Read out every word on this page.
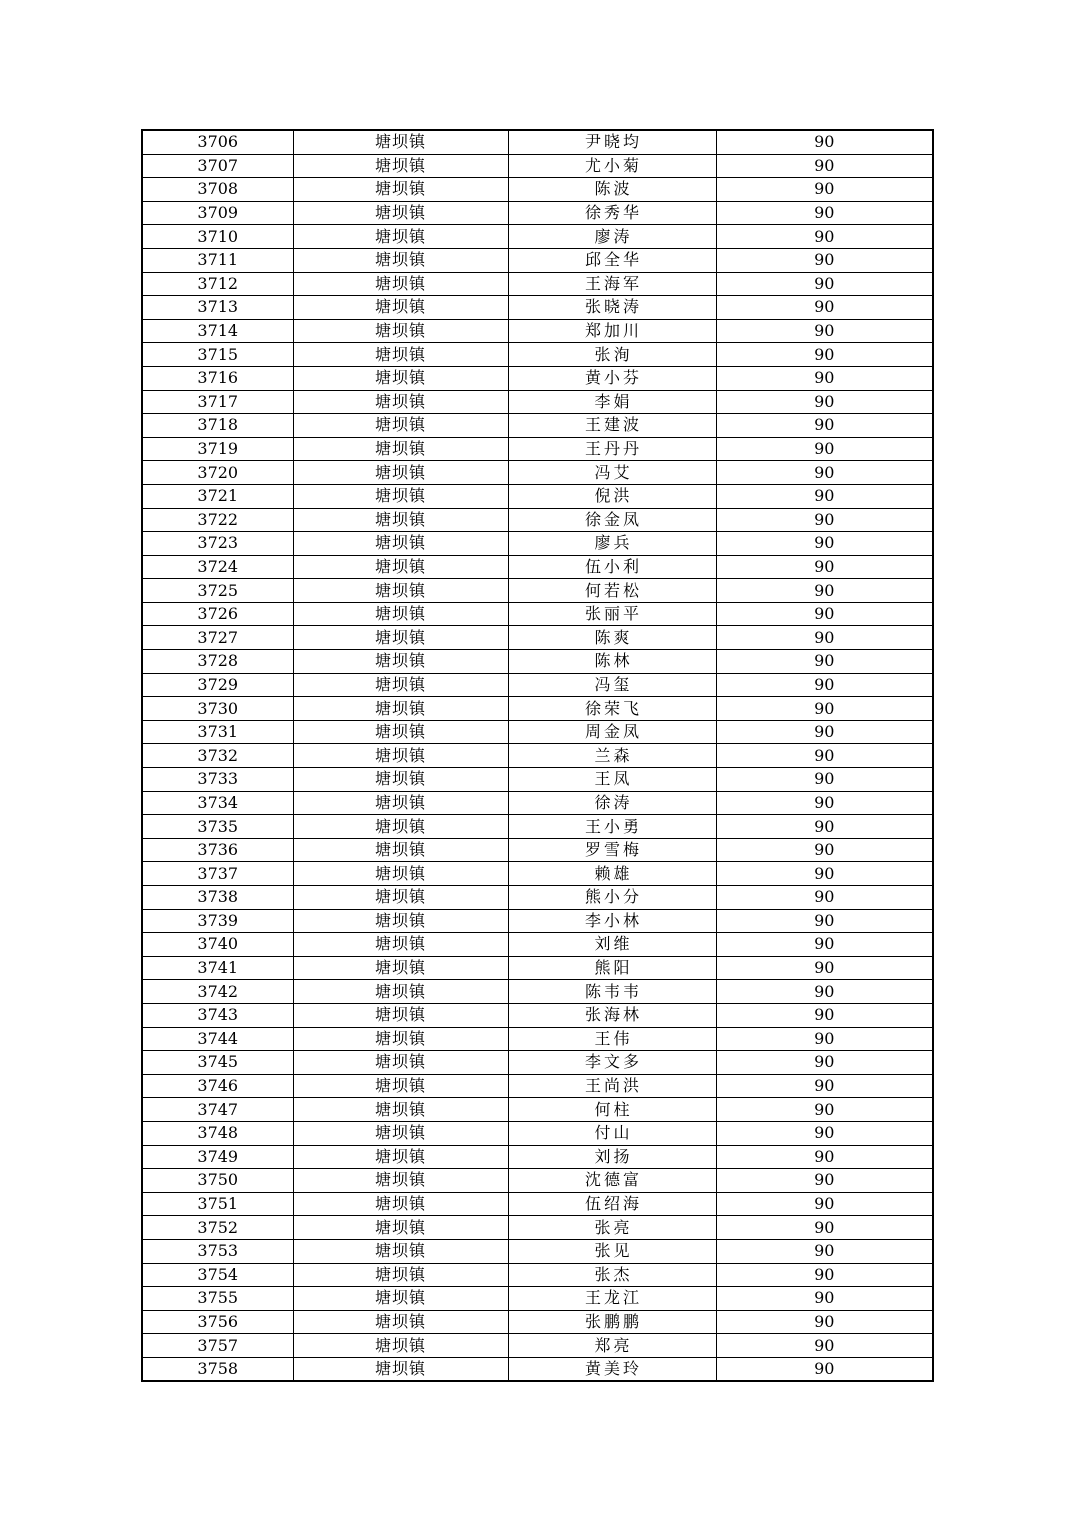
3706	塘坝镇	尹晓均	90
3707	塘坝镇	尤小菊	90
3708	塘坝镇	陈波	90
3709	塘坝镇	徐秀华	90
3710	塘坝镇	廖涛	90
3711	塘坝镇	邱全华	90
3712	塘坝镇	王海军	90
3713	塘坝镇	张晓涛	90
3714	塘坝镇	郑加川	90
3715	塘坝镇	张洵	90
3716	塘坝镇	黄小芬	90
3717	塘坝镇	李娟	90
3718	塘坝镇	王建波	90
3719	塘坝镇	王丹丹	90
3720	塘坝镇	冯艾	90
3721	塘坝镇	倪洪	90
3722	塘坝镇	徐金凤	90
3723	塘坝镇	廖兵	90
3724	塘坝镇	伍小利	90
3725	塘坝镇	何若松	90
3726	塘坝镇	张丽平	90
3727	塘坝镇	陈爽	90
3728	塘坝镇	陈林	90
3729	塘坝镇	冯玺	90
3730	塘坝镇	徐荣飞	90
3731	塘坝镇	周金凤	90
3732	塘坝镇	兰森	90
3733	塘坝镇	王凤	90
3734	塘坝镇	徐涛	90
3735	塘坝镇	王小勇	90
3736	塘坝镇	罗雪梅	90
3737	塘坝镇	赖雄	90
3738	塘坝镇	熊小分	90
3739	塘坝镇	李小林	90
3740	塘坝镇	刘维	90
3741	塘坝镇	熊阳	90
3742	塘坝镇	陈韦韦	90
3743	塘坝镇	张海林	90
3744	塘坝镇	王伟	90
3745	塘坝镇	李文多	90
3746	塘坝镇	王尚洪	90
3747	塘坝镇	何柱	90
3748	塘坝镇	付山	90
3749	塘坝镇	刘扬	90
3750	塘坝镇	沈德富	90
3751	塘坝镇	伍绍海	90
3752	塘坝镇	张亮	90
3753	塘坝镇	张见	90
3754	塘坝镇	张杰	90
3755	塘坝镇	王龙江	90
3756	塘坝镇	张鹏鹏	90
3757	塘坝镇	郑亮	90
3758	塘坝镇	黄美玲	90
